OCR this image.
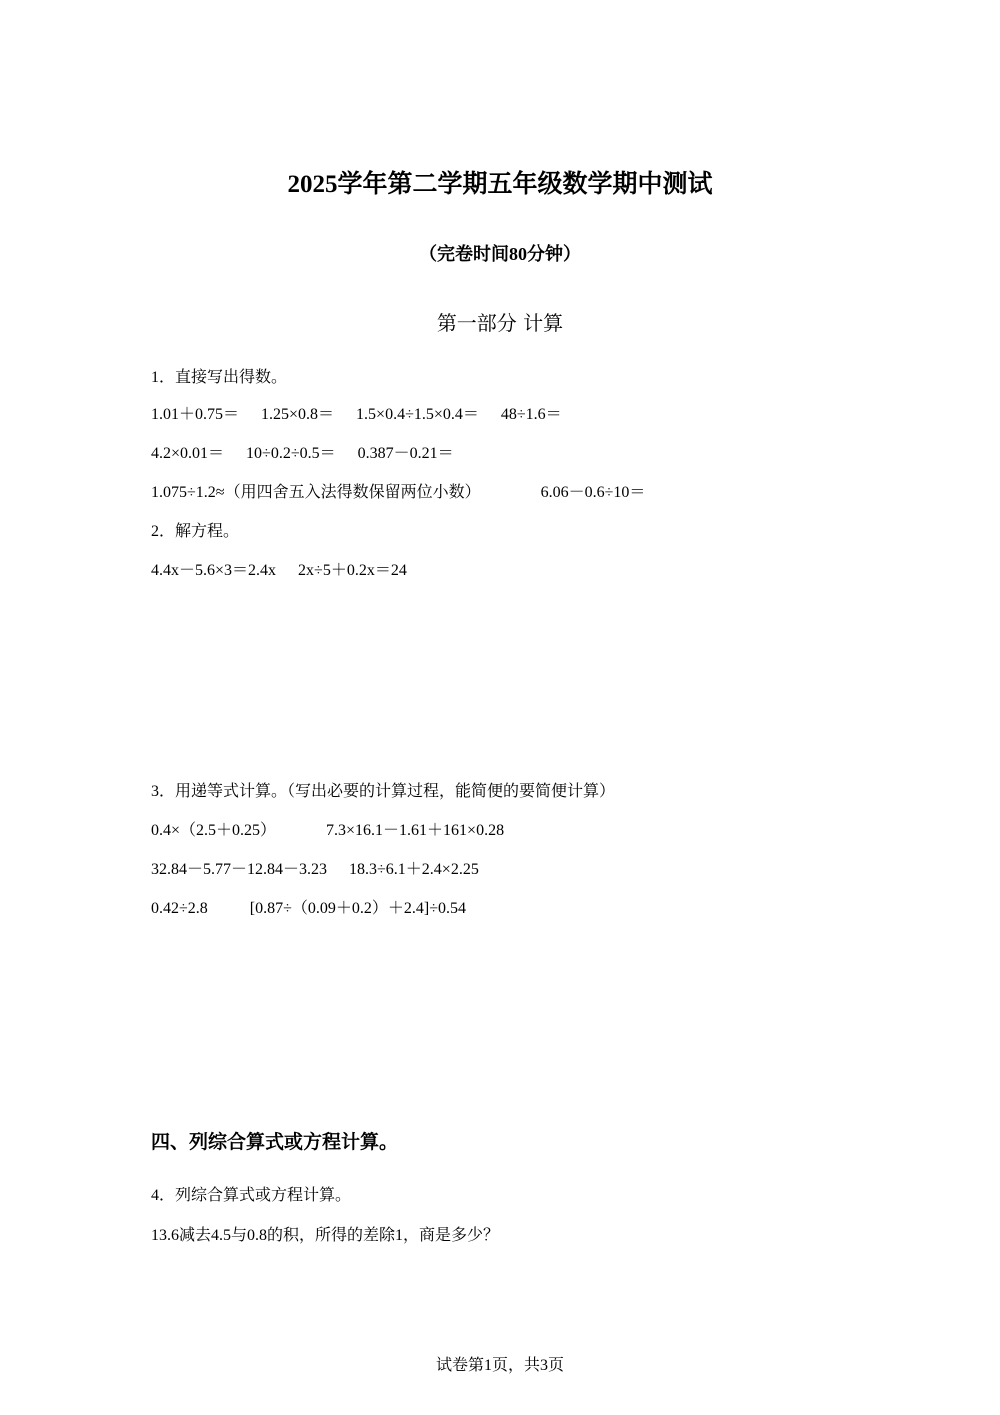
2025学年第二学期五年级数学期中测试
（完卷时间80分钟）
第一部分 计算
1．直接写出得数。
1.01＋0.75＝ 1.25×0.8＝ 1.5×0.4÷1.5×0.4＝ 48÷1.6＝
4.2×0.01＝ 10÷0.2÷0.5＝ 0.387－0.21＝
1.075÷1.2≈（用四舍五入法得数保留两位小数）	6.06－0.6÷10＝
2．解方程。
4.4x－5.6×3＝2.4x 2x÷5＋0.2x＝24
3．用递等式计算。（写出必要的计算过程，能简便的要简便计算）
0.4×（2.5＋0.25）	7.3×16.1－1.61＋161×0.28
32.84－5.77－12.84－3.23 18.3÷6.1＋2.4×2.25
0.42÷2.8	[0.87÷（0.09＋0.2）＋2.4]÷0.54
四、列综合算式或方程计算。
4．列综合算式或方程计算。
13.6减去4.5与0.8的积，所得的差除1，商是多少？
试卷第1页，共3页
